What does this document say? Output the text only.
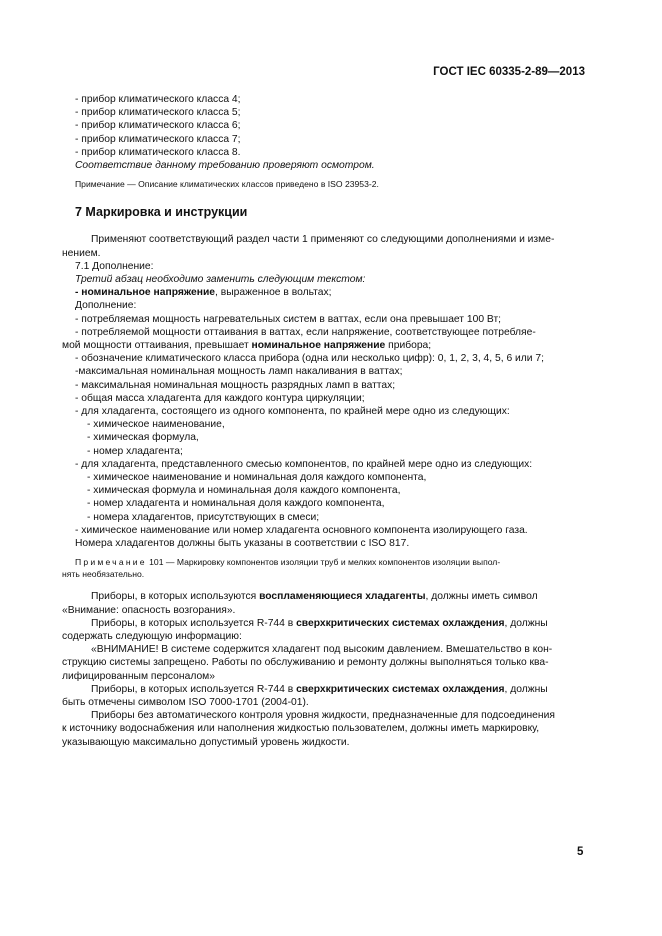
ГОСТ IEC 60335-2-89—2013
- прибор климатического класса 4;
- прибор климатического класса 5;
- прибор климатического класса 6;
- прибор климатического класса 7;
- прибор климатического класса 8.
Соответствие данному требованию проверяют осмотром.
Примечание — Описание климатических классов приведено в ISO 23953-2.
7 Маркировка и инструкции
Применяют соответствующий раздел части 1 применяют со следующими дополнениями и изме-
нением.
7.1 Дополнение:
Третий абзац необходимо заменить следующим текстом:
- номинальное напряжение, выраженное в вольтах;
Дополнение:
- потребляемая мощность нагревательных систем в ваттах, если она превышает 100 Вт;
- потребляемой мощности оттаивания в ваттах, если напряжение, соответствующее потребляе-
мой мощности оттаивания, превышает номинальное напряжение прибора;
- обозначение климатического класса прибора (одна или несколько цифр): 0, 1, 2, 3, 4, 5, 6 или 7;
-максимальная номинальная мощность ламп накаливания в ваттах;
- максимальная номинальная мощность разрядных ламп в ваттах;
- общая масса хладагента для каждого контура циркуляции;
- для хладагента, состоящего из одного компонента, по крайней мере одно из следующих:
- химическое наименование,
- химическая формула,
- номер хладагента;
- для хладагента, представленного смесью компонентов, по крайней мере одно из следующих:
- химическое наименование и номинальная доля каждого компонента,
- химическая формула и номинальная доля каждого компонента,
- номер хладагента и номинальная доля каждого компонента,
- номера хладагентов, присутствующих в смеси;
- химическое наименование или номер хладагента основного компонента изолирующего газа.
Номера хладагентов должны быть указаны в соответствии с ISO 817.
Примечание 101 — Маркировку компонентов изоляции труб и мелких компонентов изоляции выпол-
нять необязательно.
Приборы, в которых используются воспламеняющиеся хладагенты, должны иметь символ
«Внимание: опасность возгорания».
Приборы, в которых используется R-744 в сверхкритических системах охлаждения, должны
содержать следующую информацию:
«ВНИМАНИЕ! В системе содержится хладагент под высоким давлением. Вмешательство в кон-
струкцию системы запрещено. Работы по обслуживанию и ремонту должны выполняться только ква-
лифицированным персоналом»
Приборы, в которых используется R-744 в сверхкритических системах охлаждения, должны
быть отмечены символом ISO 7000-1701 (2004-01).
Приборы без автоматического контроля уровня жидкости, предназначенные для подсоединения
к источнику водоснабжения или наполнения жидкостью пользователем, должны иметь маркировку,
указывающую максимально допустимый уровень жидкости.
5
